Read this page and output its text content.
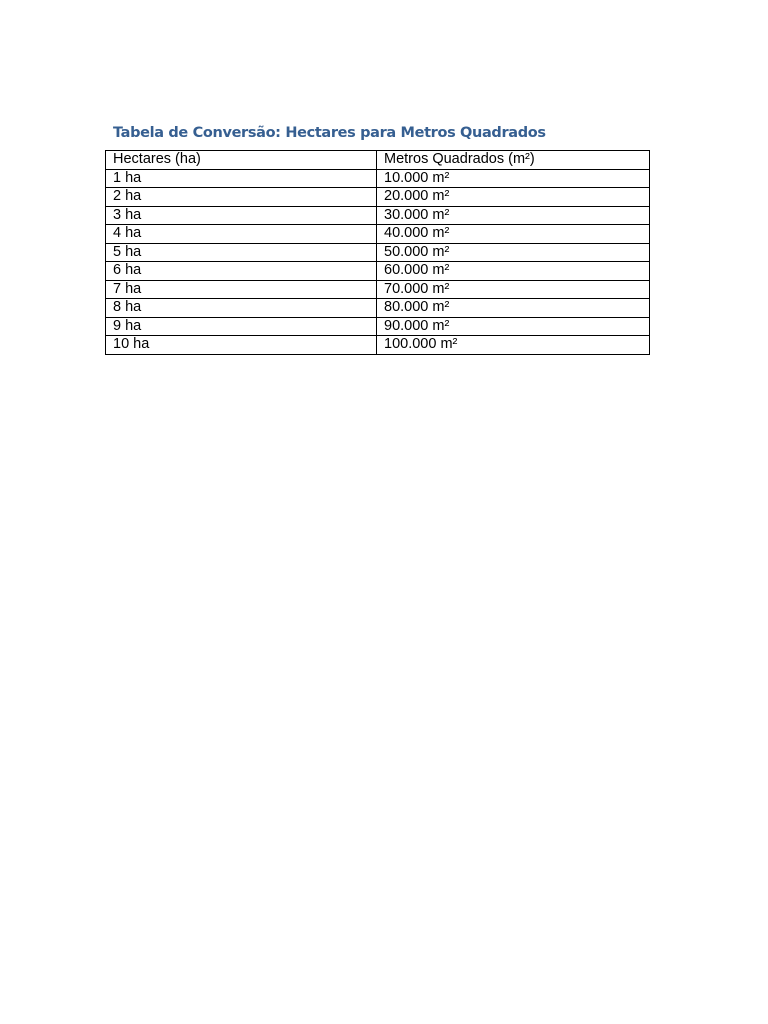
Tabela de Conversão: Hectares para Metros Quadrados
Hectares (ha)	Metros Quadrados (m²)
1 ha	10.000 m²
2 ha	20.000 m²
3 ha	30.000 m²
4 ha	40.000 m²
5 ha	50.000 m²
6 ha	60.000 m²
7 ha	70.000 m²
8 ha	80.000 m²
9 ha	90.000 m²
10 ha	100.000 m²
